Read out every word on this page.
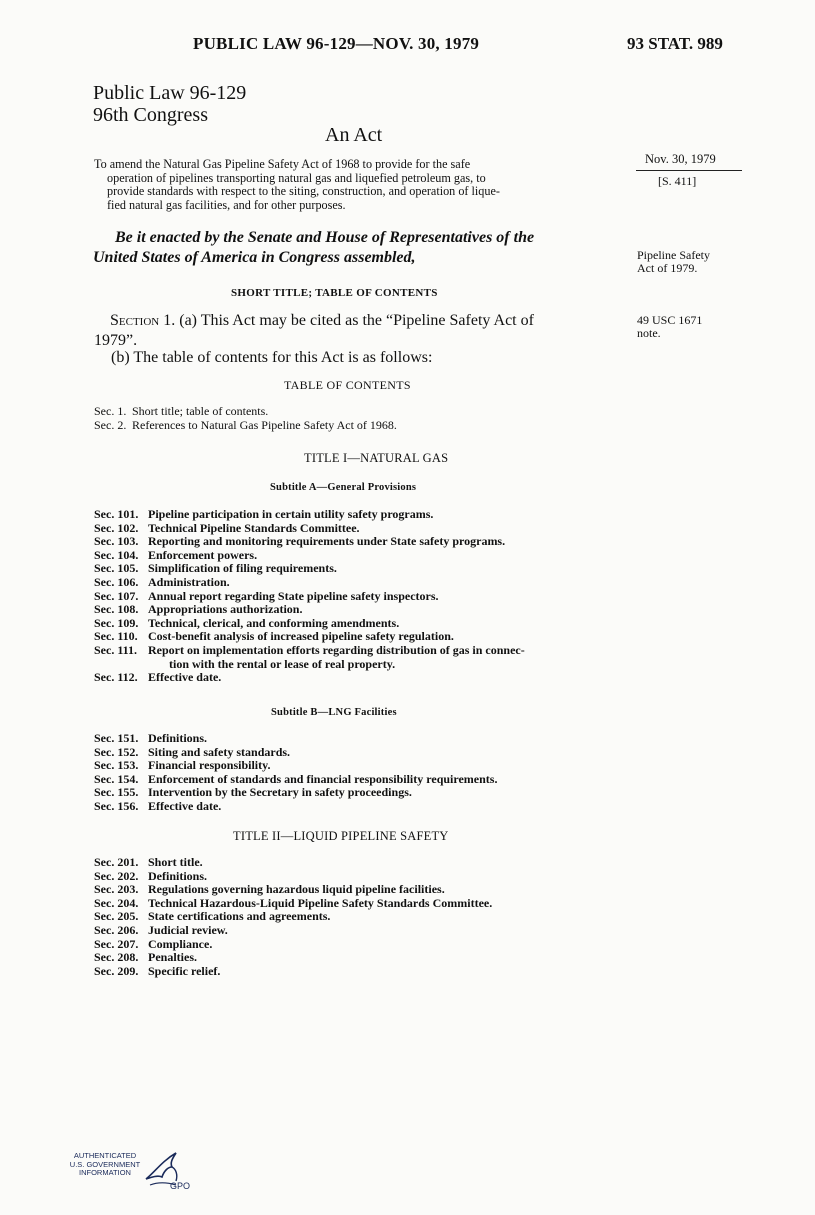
PUBLIC LAW 96-129—NOV. 30, 1979	93 STAT. 989
Public Law 96-129
96th Congress
An Act
To amend the Natural Gas Pipeline Safety Act of 1968 to provide for the safe
operation of pipelines transporting natural gas and liquefied petroleum gas, to
provide standards with respect to the siting, construction, and operation of lique-
fied natural gas facilities, and for other purposes.
Nov. 30, 1979
[S. 411]
Be it enacted by the Senate and House of Representatives of the
United States of America in Congress assembled,	Pipeline Safety
Act of 1979.
49 USC 1671
note.
SHORT TITLE; TABLE OF CONTENTS
Section 1. (a) This Act may be cited as the “Pipeline Safety Act of
1979”.
(b) The table of contents for this Act is as follows:
TABLE OF CONTENTS
Sec. 1. Short title; table of contents.
Sec. 2. References to Natural Gas Pipeline Safety Act of 1968.
TITLE I—NATURAL GAS
Subtitle A—General Provisions
Sec. 101. Pipeline participation in certain utility safety programs.
Sec. 102. Technical Pipeline Standards Committee.
Sec. 103. Reporting and monitoring requirements under State safety programs.
Sec. 104. Enforcement powers.
Sec. 105. Simplification of filing requirements.
Sec. 106. Administration.
Sec. 107. Annual report regarding State pipeline safety inspectors.
Sec. 108. Appropriations authorization.
Sec. 109. Technical, clerical, and conforming amendments.
Sec. 110. Cost-benefit analysis of increased pipeline safety regulation.
Sec. 111. Report on implementation efforts regarding distribution of gas in connec-
tion with the rental or lease of real property.
Sec. 112. Effective date.
Subtitle B—LNG Facilities
Sec. 151. Definitions.
Sec. 152. Siting and safety standards.
Sec. 153. Financial responsibility.
Sec. 154. Enforcement of standards and financial responsibility requirements.
Sec. 155. Intervention by the Secretary in safety proceedings.
Sec. 156. Effective date.
TITLE II—LIQUID PIPELINE SAFETY
Sec. 201. Short title.
Sec. 202. Definitions.
Sec. 203. Regulations governing hazardous liquid pipeline facilities.
Sec. 204. Technical Hazardous-Liquid Pipeline Safety Standards Committee.
Sec. 205. State certifications and agreements.
Sec. 206. Judicial review.
Sec. 207. Compliance.
Sec. 208. Penalties.
Sec. 209. Specific relief.
AUTHENTICATED
U.S. GOVERNMENT
INFORMATION
GPO
